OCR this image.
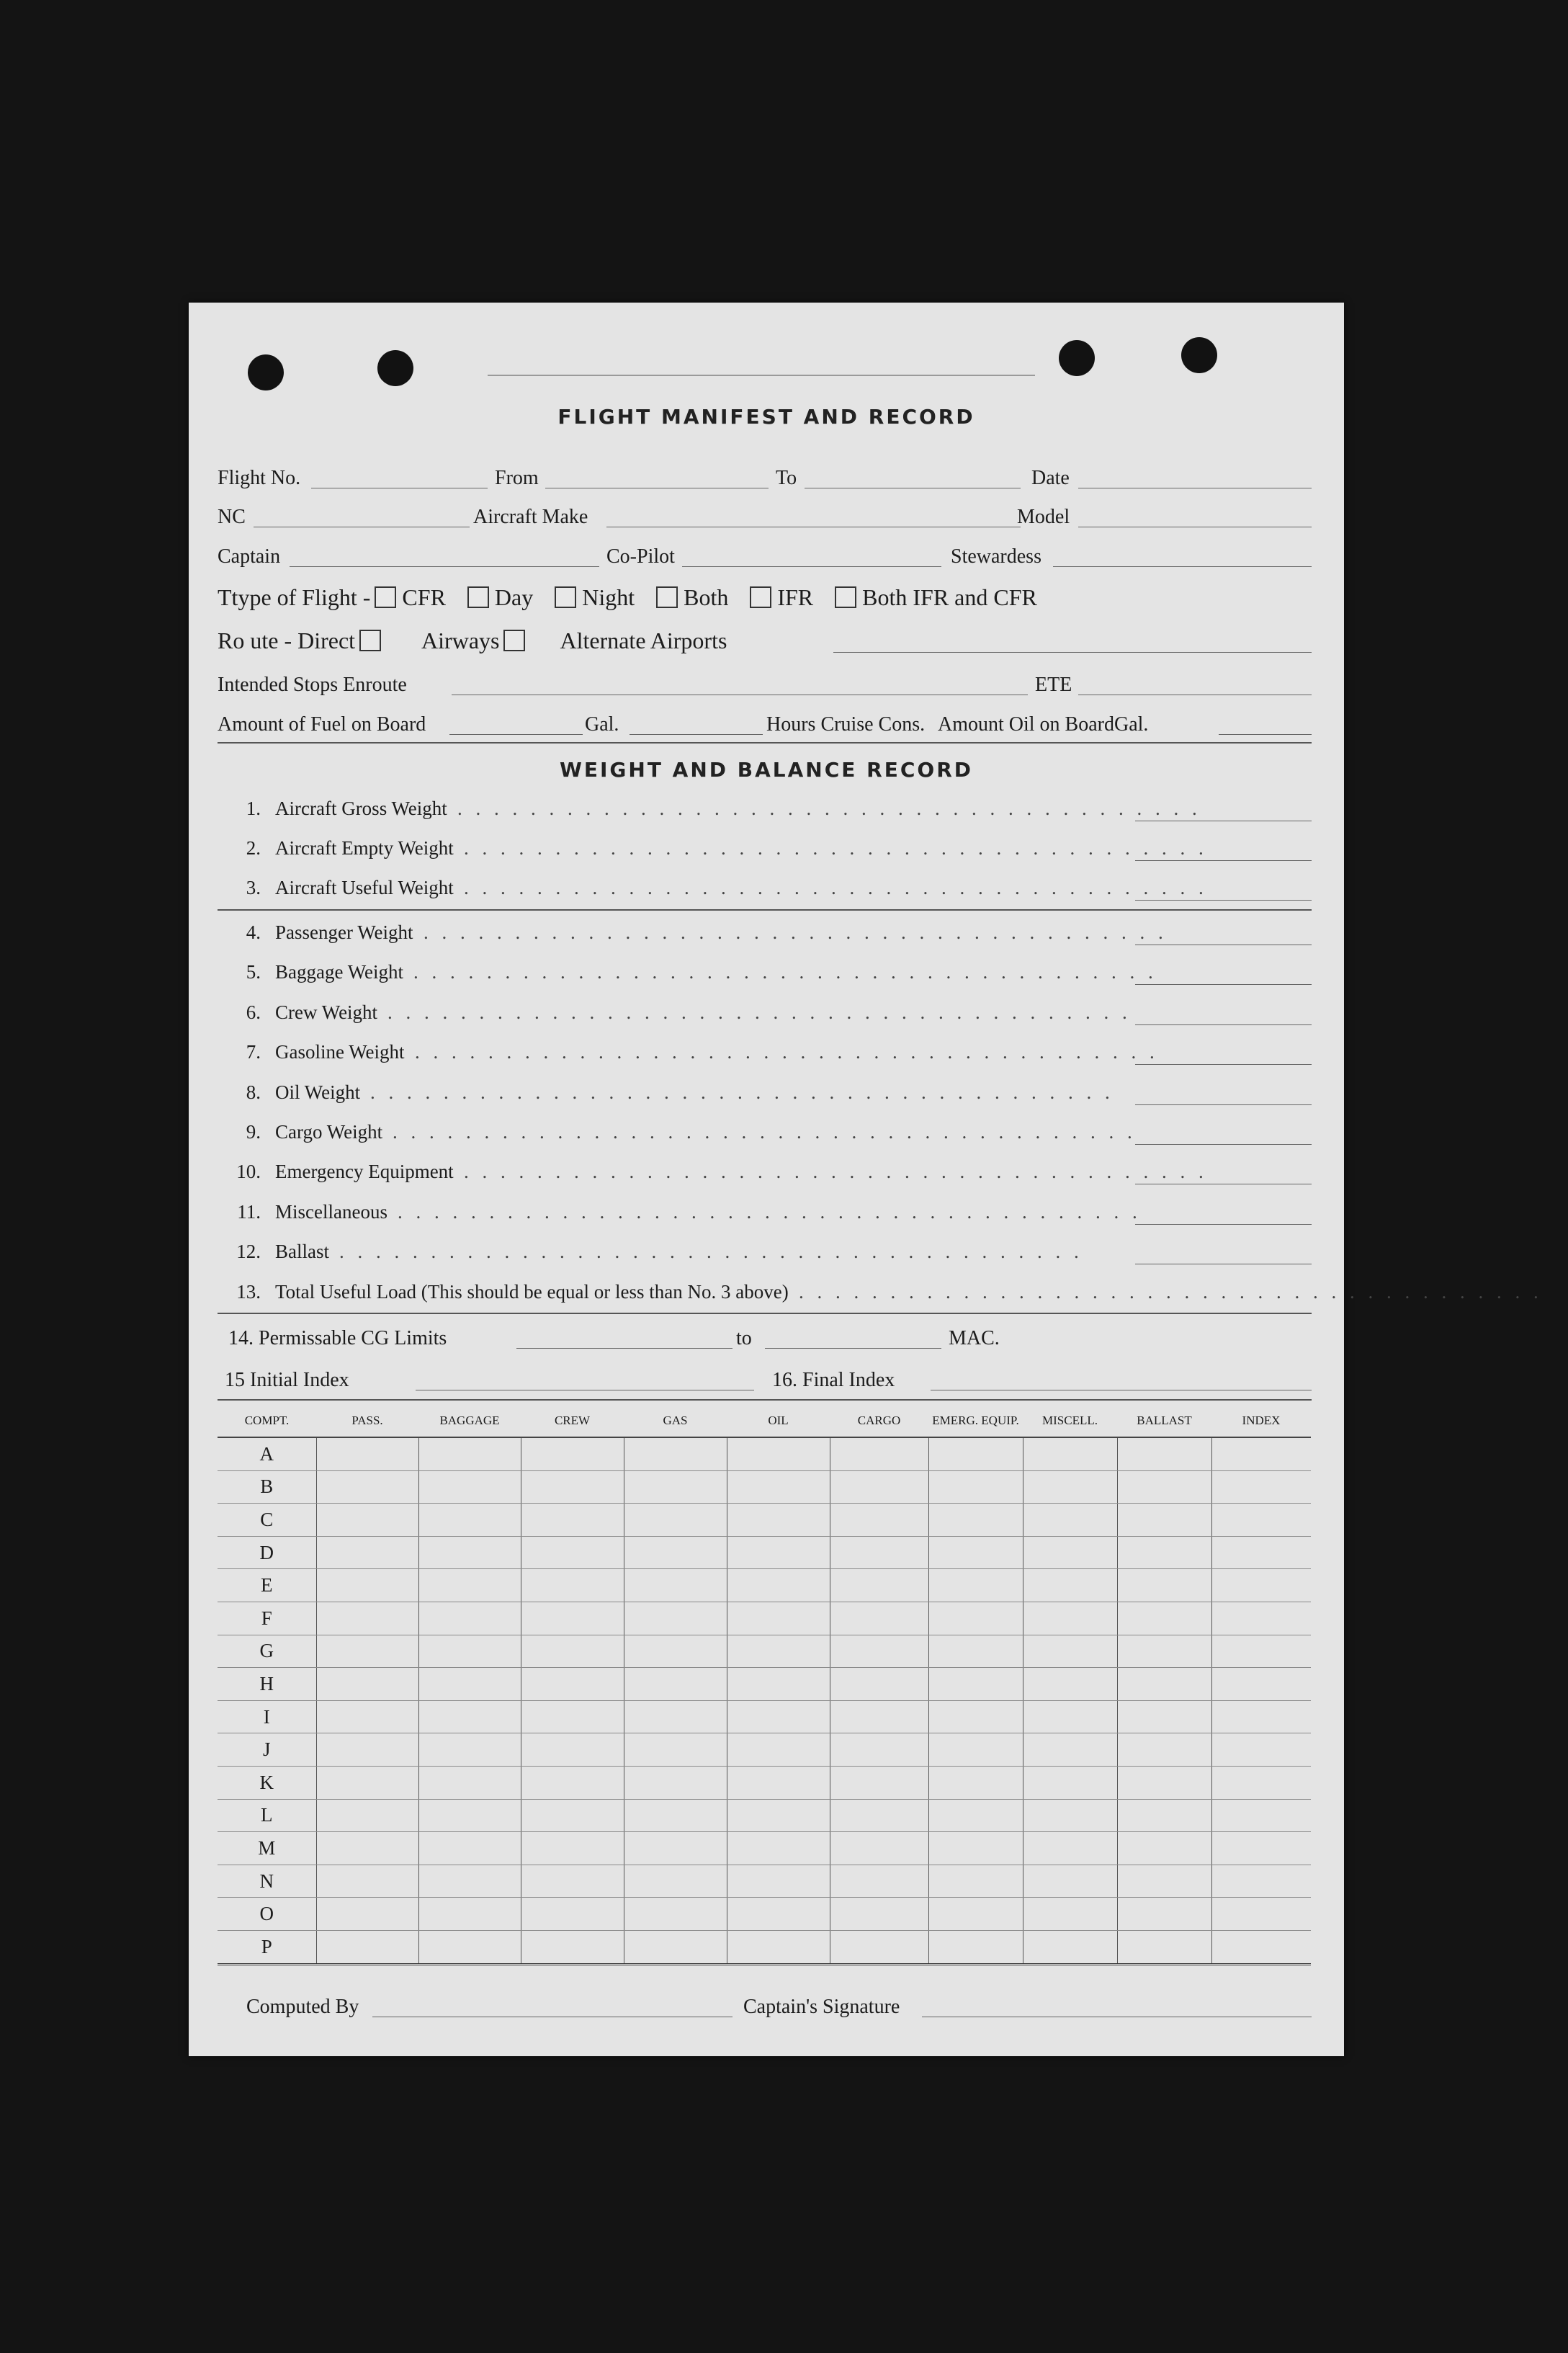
FLIGHT MANIFEST AND RECORD
Flight No.	From	To	Date
NC	Aircraft Make	Model
Captain	Co-Pilot	Stewardess
Ttype of Flight - CFR Day Night Both IFR Both IFR and CFR
Ro ute - Direct	Airways	Alternate Airports
Intended Stops Enroute	ETE
Amount of Fuel on Board	Gal.	Hours Cruise Cons. Amount Oil on BoardGal.
WEIGHT AND BALANCE RECORD
1. Aircraft Gross Weight . . . . . . . . . . . . . . . . . . . . . . . . . . . . . . . . . . . . . . . . .
2. Aircraft Empty Weight . . . . . . . . . . . . . . . . . . . . . . . . . . . . . . . . . . . . . . . . .
3. Aircraft Useful Weight . . . . . . . . . . . . . . . . . . . . . . . . . . . . . . . . . . . . . . . . .
4. Passenger Weight . . . . . . . . . . . . . . . . . . . . . . . . . . . . . . . . . . . . . . . . .
5. Baggage Weight . . . . . . . . . . . . . . . . . . . . . . . . . . . . . . . . . . . . . . . . .
6. Crew Weight . . . . . . . . . . . . . . . . . . . . . . . . . . . . . . . . . . . . . . . . .
7. Gasoline Weight . . . . . . . . . . . . . . . . . . . . . . . . . . . . . . . . . . . . . . . . .
8. Oil Weight . . . . . . . . . . . . . . . . . . . . . . . . . . . . . . . . . . . . . . . . .
9. Cargo Weight . . . . . . . . . . . . . . . . . . . . . . . . . . . . . . . . . . . . . . . . .
10. Emergency Equipment . . . . . . . . . . . . . . . . . . . . . . . . . . . . . . . . . . . . . . . . .
11. Miscellaneous . . . . . . . . . . . . . . . . . . . . . . . . . . . . . . . . . . . . . . . . .
12. Ballast . . . . . . . . . . . . . . . . . . . . . . . . . . . . . . . . . . . . . . . . .
13. Total Useful Load (This should be equal or less than No. 3 above) . . . . . . . . . . . . . . . . . . . . . . . . . . . . . . . . . . . . . . . . .
14. Permissable CG Limits	to	MAC.
15 Initial Index	16. Final Index
COMPT.	PASS.	BAGGAGE	CREW	GAS	OIL	CARGO	EMERG. EQUIP.	MISCELL.	BALLAST	INDEX
A										
B										
C										
D										
E										
F										
G										
H										
I										
J										
K										
L										
M										
N										
O										
P										
Computed By	Captain's Signature
